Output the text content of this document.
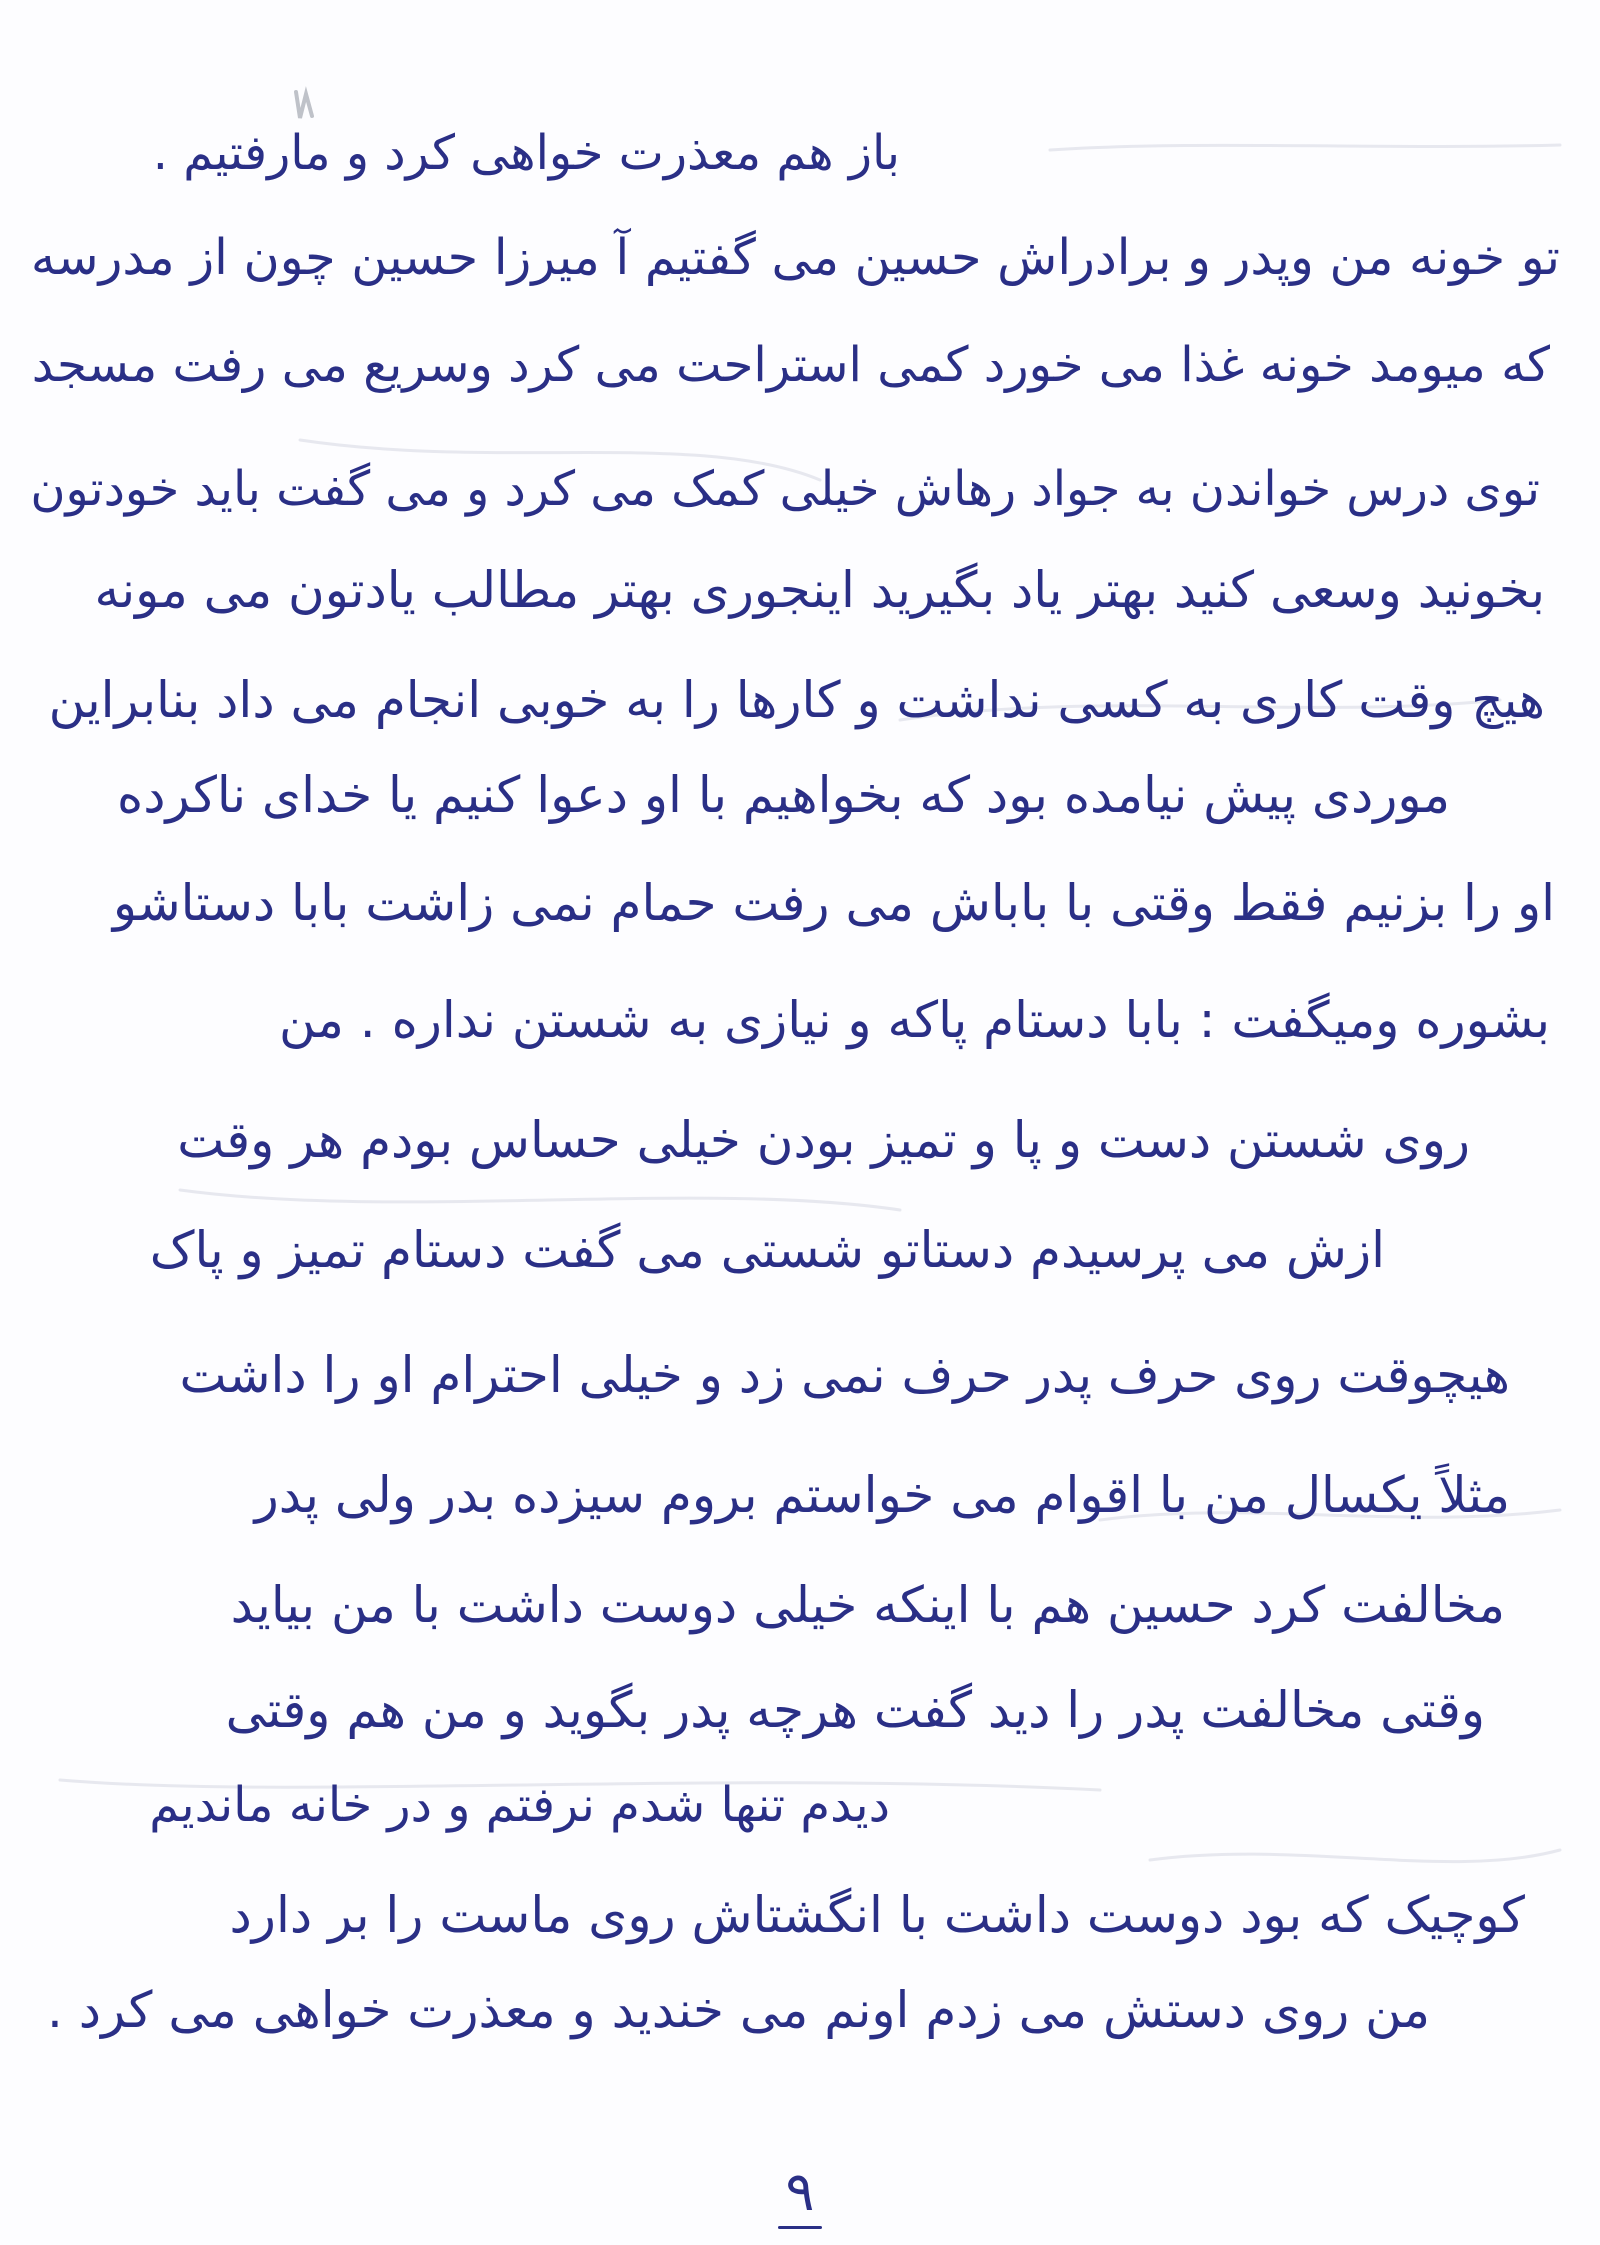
باز هم معذرت خواهی کرد و مارفتیم .
تو خونه من وپدر و برادراش حسین می گفتیم آ میرزا حسین چون از مدرسه
که میومد خونه غذا می خورد کمی استراحت می کرد وسریع می رفت مسجد
توی درس خواندن به جواد رهاش خیلی کمک می کرد و می گفت باید خودتون
بخونید وسعی کنید بهتر یاد بگیرید اینجوری بهتر مطالب یادتون می مونه
هیچ وقت کاری به کسی نداشت و کارها را به خوبی انجام می داد بنابراین
موردی پیش نیامده بود که بخواهیم با او دعوا کنیم یا خدای ناکرده
او را بزنیم فقط وقتی با باباش می رفت حمام نمی زاشت بابا دستاشو
بشوره ومیگفت : بابا دستام پاکه و نیازی به شستن نداره . من
روی شستن دست و پا و تمیز بودن خیلی حساس بودم هر وقت
ازش می پرسیدم دستاتو شستی می گفت دستام تمیز و پاک
هیچوقت روی حرف پدر حرف نمی زد و خیلی احترام او را داشت
مثلاً یکسال من با اقوام می خواستم بروم سیزده بدر ولی پدر
مخالفت کرد حسین هم با اینکه خیلی دوست داشت با من بیاید
وقتی مخالفت پدر را دید گفت هرچه پدر بگوید و من هم وقتی
دیدم تنها شدم نرفتم و در خانه ماندیم
کوچیک که بود دوست داشت با انگشتاش روی ماست را بر دارد
من روی دستش می زدم اونم می خندید و معذرت خواهی می کرد .
۹
